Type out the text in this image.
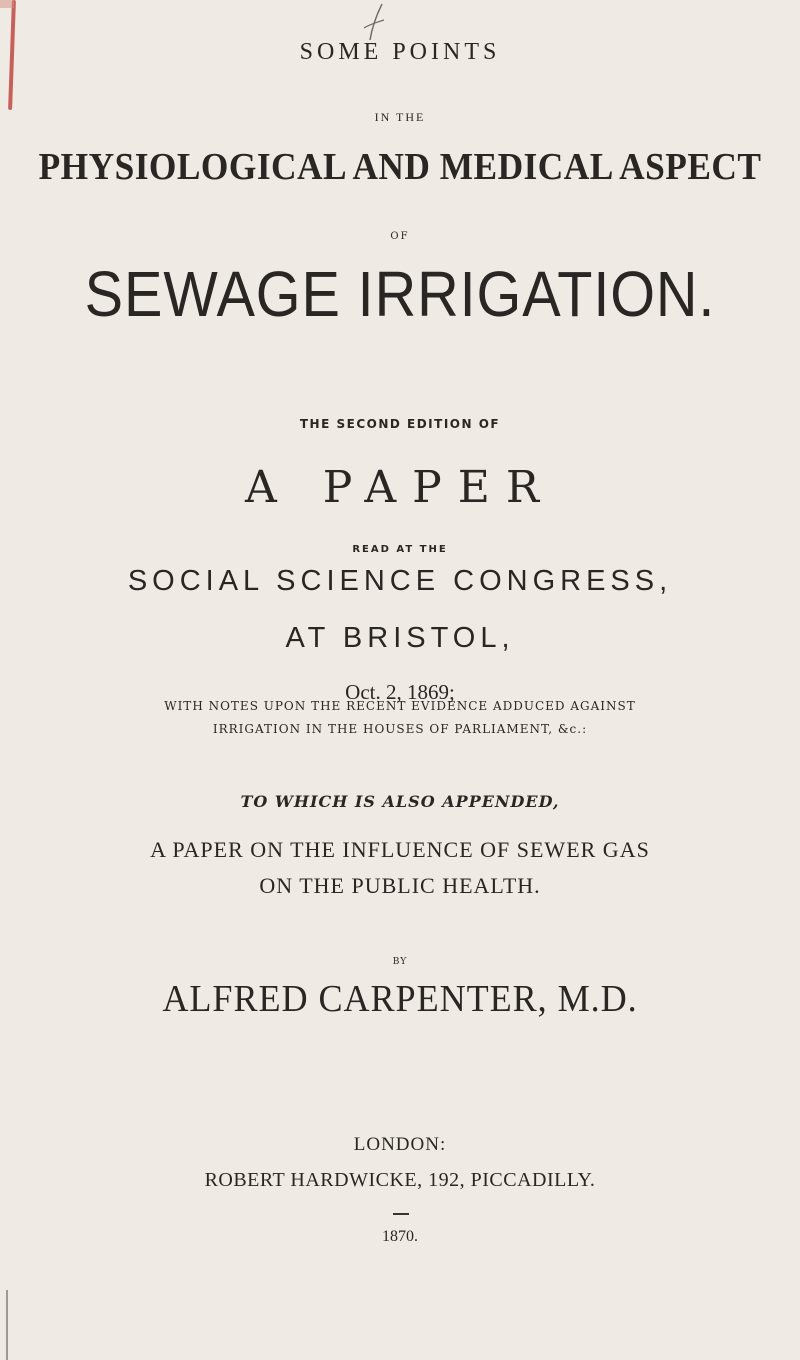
SOME POINTS
IN THE
PHYSIOLOGICAL AND MEDICAL ASPECT
OF
SEWAGE IRRIGATION.
THE SECOND EDITION OF
A PAPER
READ AT THE
SOCIAL SCIENCE CONGRESS,
AT BRISTOL,
Oct. 2, 1869;
WITH NOTES UPON THE RECENT EVIDENCE ADDUCED AGAINST
IRRIGATION IN THE HOUSES OF PARLIAMENT, &c.:
TO WHICH IS ALSO APPENDED,
A PAPER ON THE INFLUENCE OF SEWER GAS
ON THE PUBLIC HEALTH.
BY
ALFRED CARPENTER, M.D.
LONDON:
ROBERT HARDWICKE, 192, PICCADILLY.
1870.
